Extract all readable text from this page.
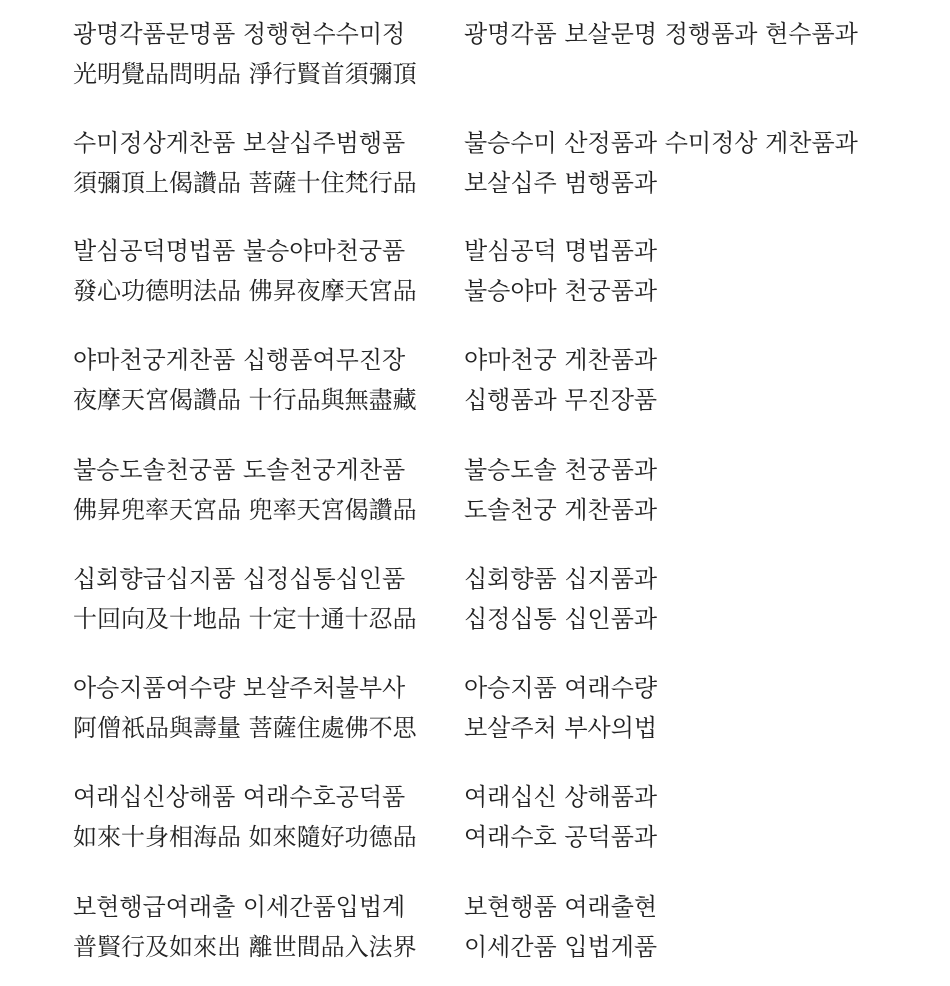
광명각품문명품 정행현수수미정
光明覺品問明品 淨行賢首須彌頂
광명각품 보살문명 정행품과 현수품과
수미정상게찬품 보살십주범행품
須彌頂上偈讚品 菩薩十住梵行品
불승수미 산정품과 수미정상 게찬품과
보살십주 범행품과
발심공덕명법품 불승야마천궁품
發心功德明法品 佛昇夜摩天宮品
발심공덕 명법품과
불승야마 천궁품과
야마천궁게찬품 십행품여무진장
夜摩天宮偈讚品 十行品與無盡藏
야마천궁 게찬품과
십행품과 무진장품
불승도솔천궁품 도솔천궁게찬품
佛昇兜率天宮品 兜率天宮偈讚品
불승도솔 천궁품과
도솔천궁 게찬품과
십회향급십지품 십정십통십인품
十回向及十地品 十定十通十忍品
십회향품 십지품과
십정십통 십인품과
아승지품여수량 보살주처불부사
阿僧祇品與壽量 菩薩住處佛不思
아승지품 여래수량
보살주처 부사의법
여래십신상해품 여래수호공덕품
如來十身相海品 如來隨好功德品
여래십신 상해품과
여래수호 공덕품과
보현행급여래출 이세간품입법계
普賢行及如來出 離世間品入法界
보현행품 여래출현
이세간품 입법게품
